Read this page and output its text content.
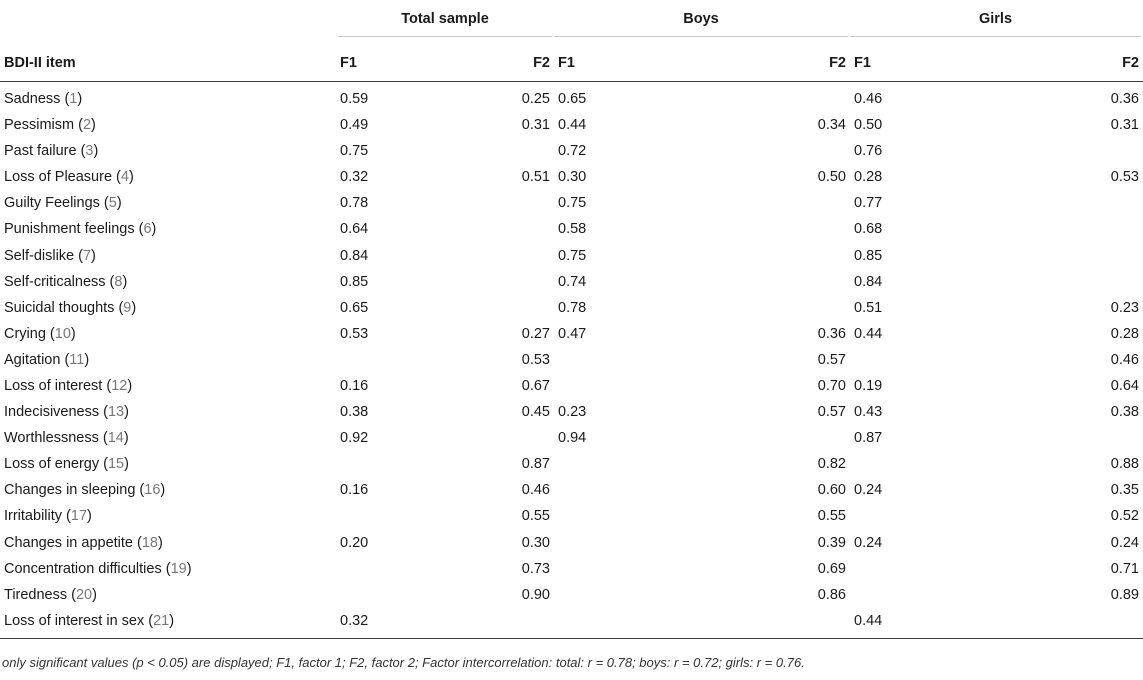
	Total sample			Boys		Girls

BDI-II item	F1	F2	F1	F2	F1	F2
Sadness (1)	0.59	0.25	0.65		0.46	0.36
Pessimism (2)	0.49	0.31	0.44	0.34	0.50	0.31
Past failure (3)	0.75		0.72		0.76	
Loss of Pleasure (4)	0.32	0.51	0.30	0.50	0.28	0.53
Guilty Feelings (5)	0.78		0.75		0.77	
Punishment feelings (6)	0.64		0.58		0.68	
Self-dislike (7)	0.84		0.75		0.85	
Self-criticalness (8)	0.85		0.74		0.84	
Suicidal thoughts (9)	0.65		0.78		0.51	0.23
Crying (10)	0.53	0.27	0.47	0.36	0.44	0.28
Agitation (11)		0.53		0.57		0.46
Loss of interest (12)	0.16	0.67		0.70	0.19	0.64
Indecisiveness (13)	0.38	0.45	0.23	0.57	0.43	0.38
Worthlessness (14)	0.92		0.94		0.87	
Loss of energy (15)		0.87		0.82		0.88
Changes in sleeping (16)	0.16	0.46		0.60	0.24	0.35
Irritability (17)		0.55		0.55		0.52
Changes in appetite (18)	0.20	0.30		0.39	0.24	0.24
Concentration difficulties (19)		0.73		0.69		0.71
Tiredness (20)		0.90		0.86		0.89
Loss of interest in sex (21)	0.32				0.44	
only significant values (p < 0.05) are displayed; F1, factor 1; F2, factor 2; Factor intercorrelation: total: r = 0.78; boys: r = 0.72; girls: r = 0.76.
